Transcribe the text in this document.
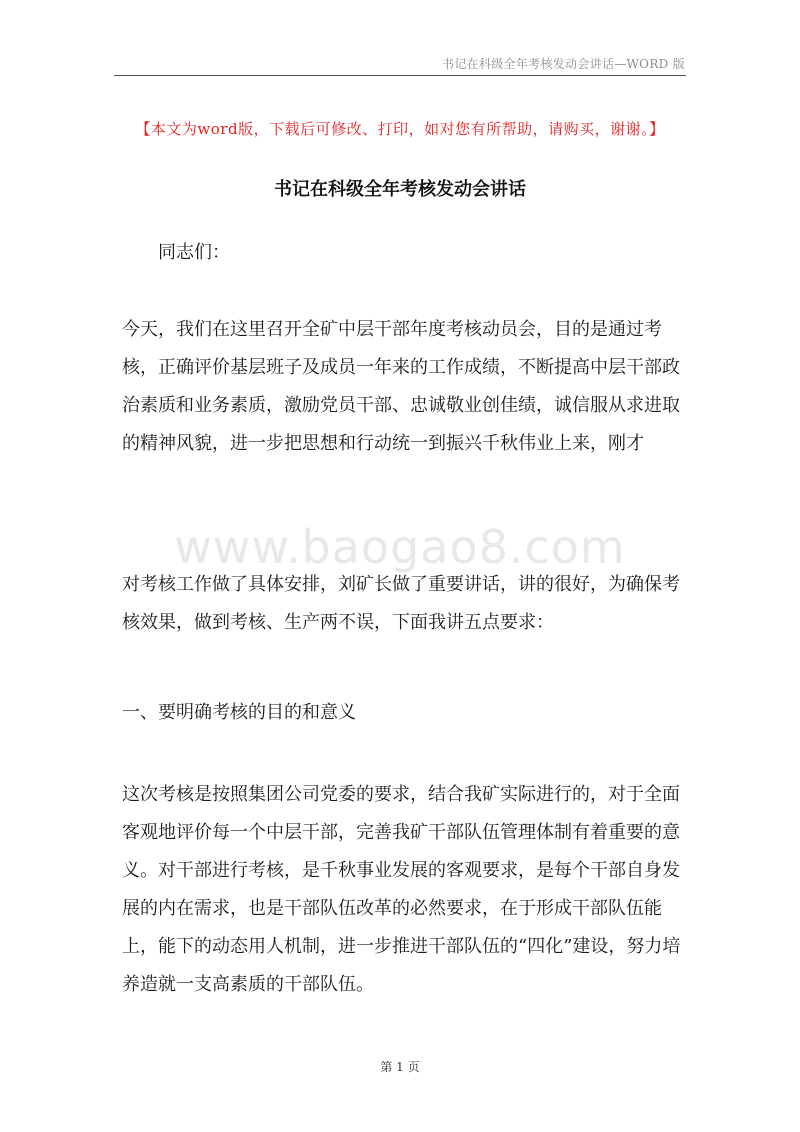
书记在科级全年考核发动会讲话—WORD 版
【本文为word版，下载后可修改、打印，如对您有所帮助，请购买，谢谢。】
书记在科级全年考核发动会讲话

同志们：

今天，我们在这里召开全矿中层干部年度考核动员会，目的是通过考核，正确评价基层班子及成员一年来的工作成绩，不断提高中层干部政治素质和业务素质，激励党员干部、忠诚敬业创佳绩，诚信服从求进取的精神风貌，进一步把思想和行动统一到振兴千秋伟业上来，刚才

www.baogao8.com

对考核工作做了具体安排，刘矿长做了重要讲话，讲的很好，为确保考核效果，做到考核、生产两不误，下面我讲五点要求：

一、要明确考核的目的和意义

这次考核是按照集团公司党委的要求，结合我矿实际进行的，对于全面客观地评价每一个中层干部，完善我矿干部队伍管理体制有着重要的意义。对干部进行考核，是千秋事业发展的客观要求，是每个干部自身发展的内在需求，也是干部队伍改革的必然要求，在于形成干部队伍能上，能下的动态用人机制，进一步推进干部队伍的“四化”建设，努力培养造就一支高素质的干部队伍。

第 1 页
